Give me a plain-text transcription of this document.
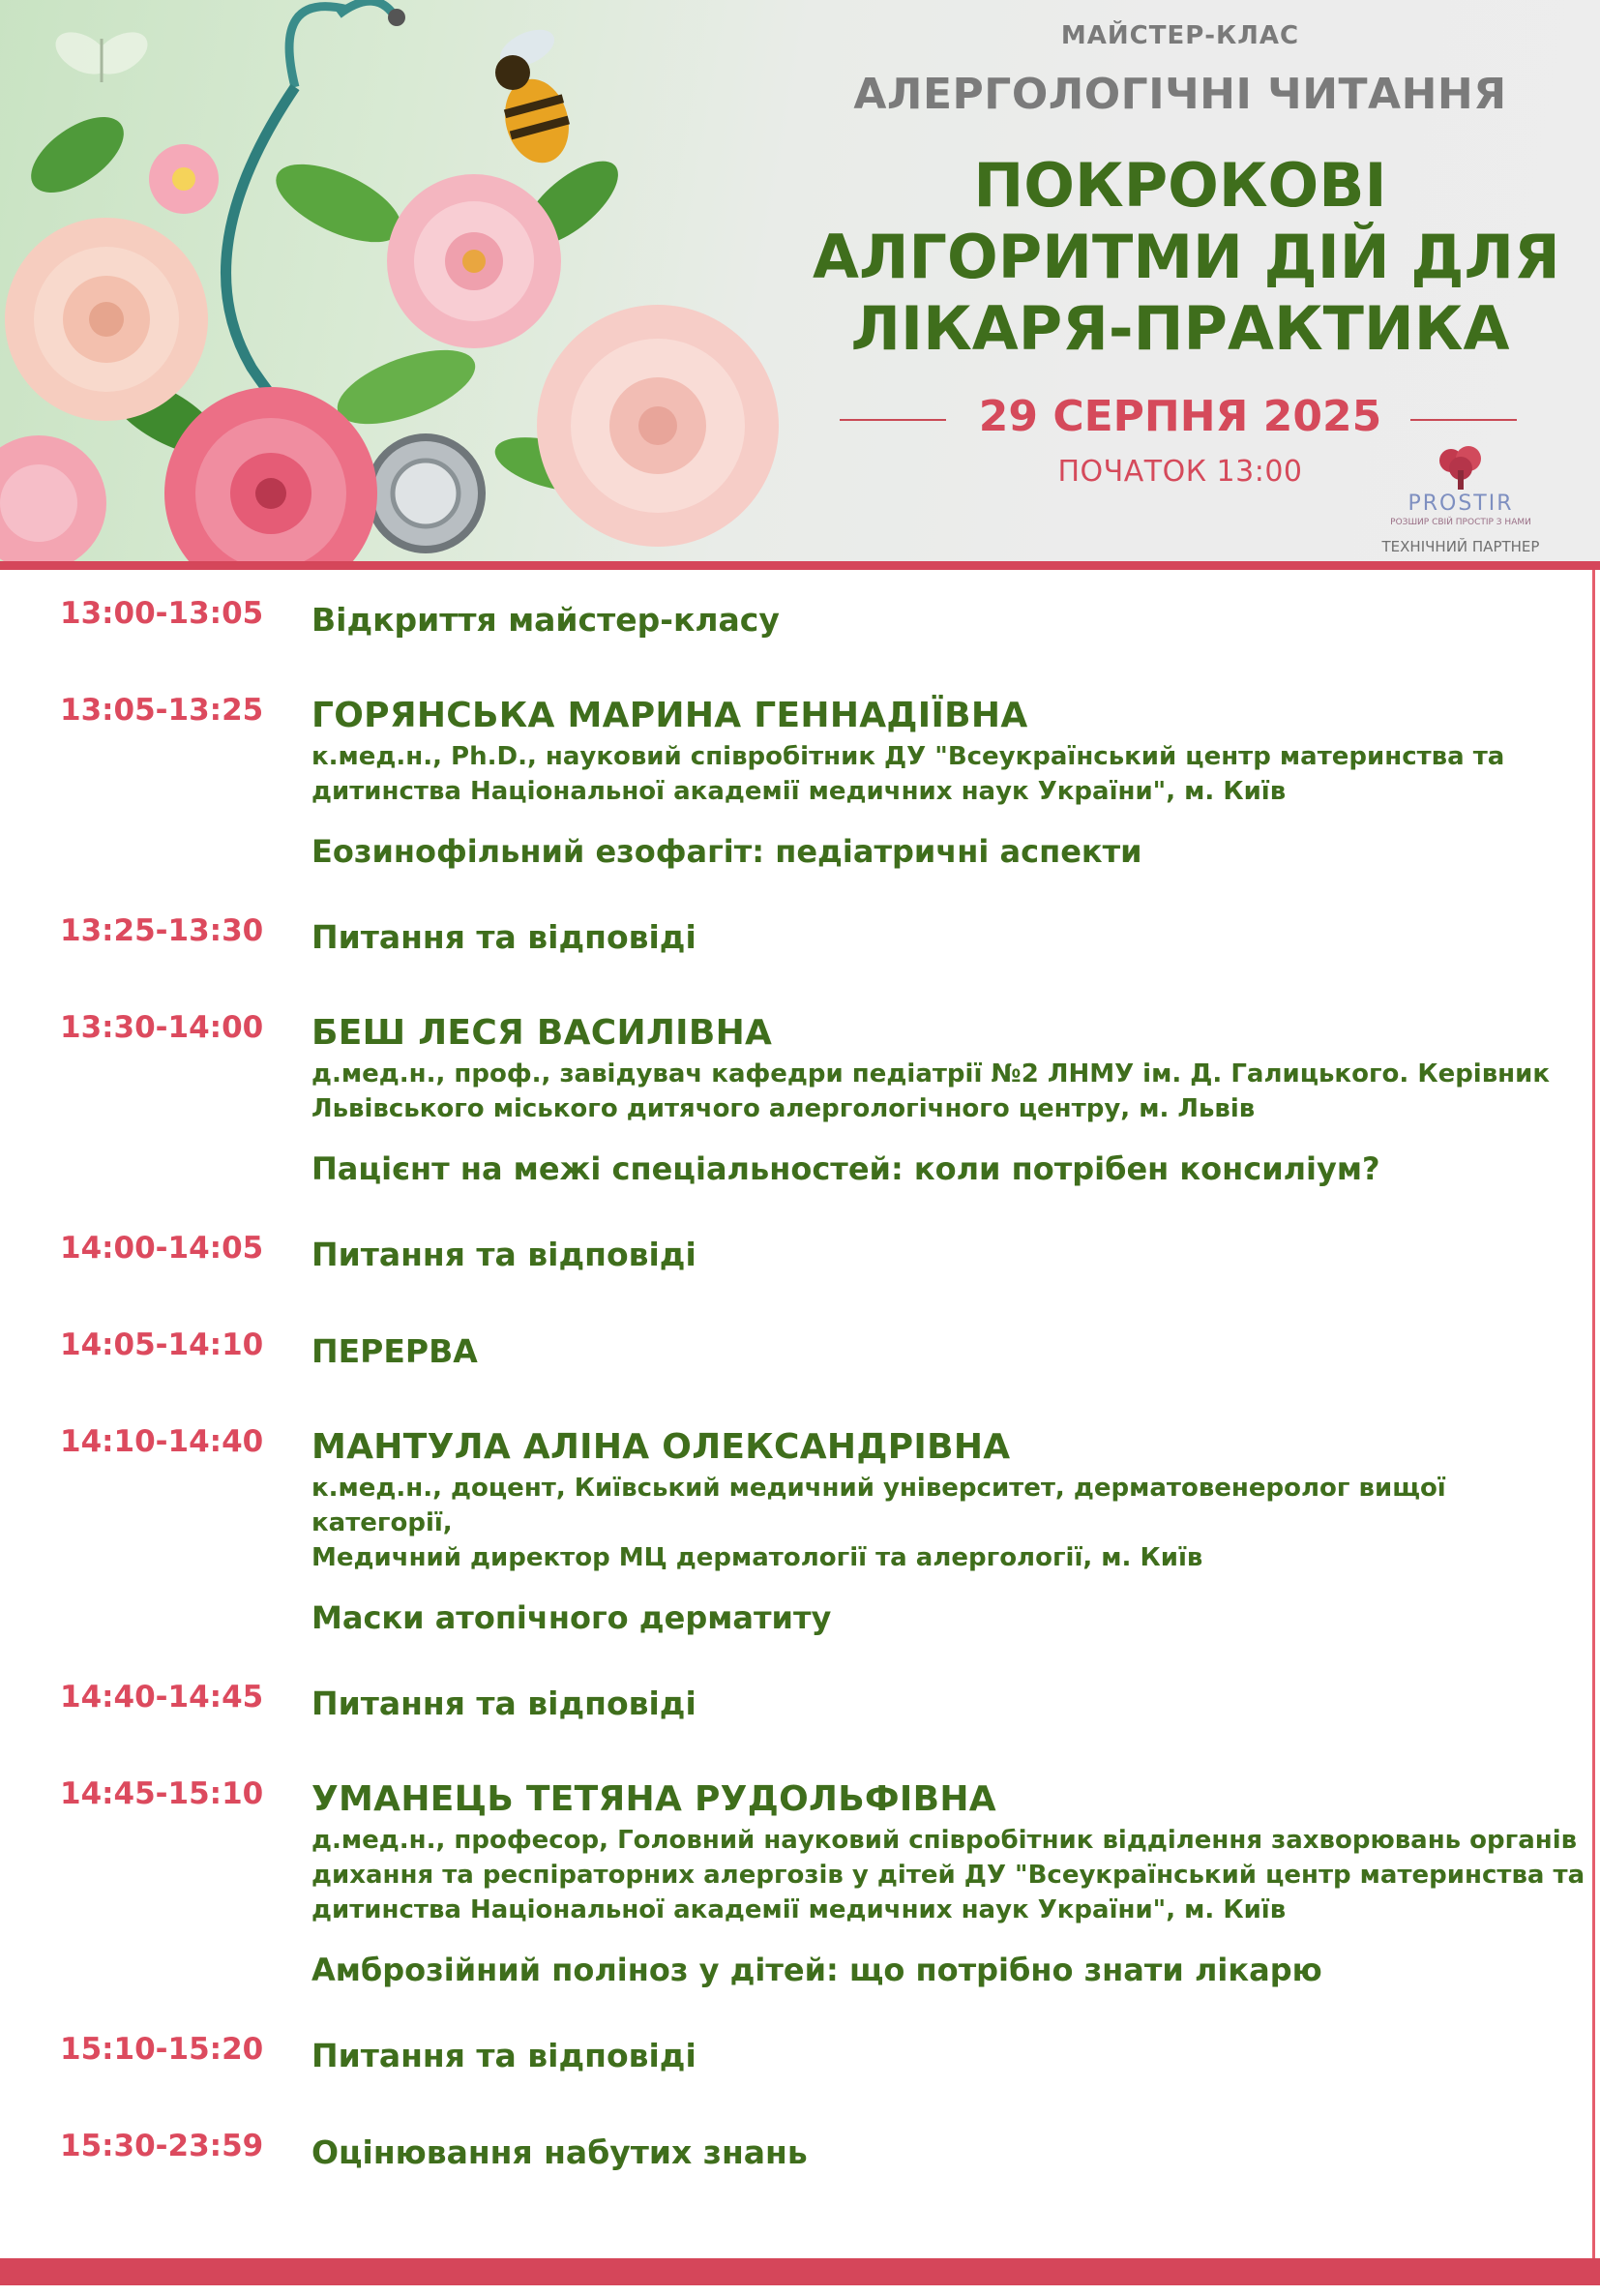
МАЙСТЕР-КЛАС
АЛЕРГОЛОГІЧНІ ЧИТАННЯ
ПОКРОКОВІ
АЛГОРИТМИ ДІЙ ДЛЯ
ЛІКАРЯ-ПРАКТИКА
29 СЕРПНЯ 2025
ПОЧАТОК 13:00
PROSTIR
РОЗШИР СВІЙ ПРОСТІР З НАМИ
ТЕХНІЧНИЙ ПАРТНЕР
13:00-13:05 Відкриття майстер-класу
13:05-13:25 ГОРЯНСЬКА МАРИНА ГЕННАДІЇВНА
к.мед.н., Ph.D., науковий співробітник ДУ "Всеукраїнський центр материнства та
дитинства Національної академії медичних наук України", м. Київ
Еозинофільний езофагіт: педіатричні аспекти
13:25-13:30 Питання та відповіді
13:30-14:00 БЕШ ЛЕСЯ ВАСИЛІВНА
д.мед.н., проф., завідувач кафедри педіатрії №2 ЛНМУ ім. Д. Галицького. Керівник
Львівського міського дитячого алергологічного центру, м. Львів
Пацієнт на межі спеціальностей: коли потрібен консиліум?
14:00-14:05 Питання та відповіді
14:05-14:10 ПЕРЕРВА
14:10-14:40 МАНТУЛА АЛІНА ОЛЕКСАНДРІВНА
к.мед.н., доцент, Київський медичний університет, дерматовенеролог вищої категорії,
Медичний директор МЦ дерматології та алергології, м. Київ
Маски атопічного дерматиту
14:40-14:45 Питання та відповіді
14:45-15:10 УМАНЕЦЬ ТЕТЯНА РУДОЛЬФІВНА
д.мед.н., професор, Головний науковий співробітник відділення захворювань органів
дихання та респіраторних алергозів у дітей ДУ "Всеукраїнський центр материнства та
дитинства Національної академії медичних наук України", м. Київ
Амброзійний поліноз у дітей: що потрібно знати лікарю
15:10-15:20 Питання та відповіді
15:30-23:59 Оцінювання набутих знань
